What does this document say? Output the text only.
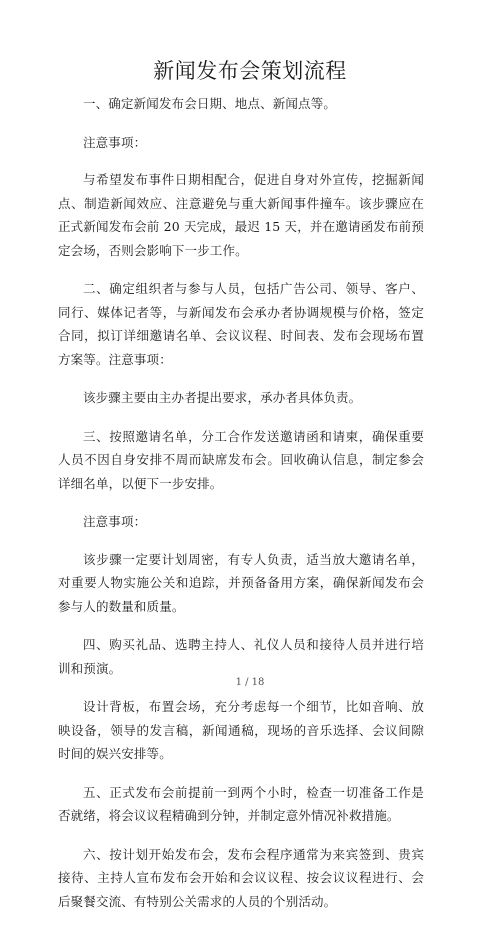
新闻发布会策划流程

一、确定新闻发布会日期、地点、新闻点等。

注意事项：

与希望发布事件日期相配合，促进自身对外宣传，挖掘新闻点、制造新闻效应、注意避免与重大新闻事件撞车。该步骤应在正式新闻发布会前 20 天完成，最迟 15 天，并在邀请函发布前预定会场，否则会影响下一步工作。

二、确定组织者与参与人员，包括广告公司、领导、客户、同行、媒体记者等，与新闻发布会承办者协调规模与价格，签定合同，拟订详细邀请名单、会议议程、时间表、发布会现场布置方案等。注意事项：

该步骤主要由主办者提出要求，承办者具体负责。

三、按照邀请名单，分工合作发送邀请函和请柬，确保重要人员不因自身安排不周而缺席发布会。回收确认信息，制定参会详细名单，以便下一步安排。

注意事项：

该步骤一定要计划周密，有专人负责，适当放大邀请名单，对重要人物实施公关和追踪，并预备备用方案，确保新闻发布会参与人的数量和质量。

四、购买礼品、选聘主持人、礼仪人员和接待人员并进行培训和预演。

设计背板，布置会场，充分考虑每一个细节，比如音响、放映设备，领导的发言稿，新闻通稿，现场的音乐选择、会议间隙时间的娱兴安排等。

五、正式发布会前提前一到两个小时，检查一切准备工作是否就绪，将会议议程精确到分钟，并制定意外情况补救措施。

六、按计划开始发布会，发布会程序通常为来宾签到、贵宾接待、主持人宣布发布会开始和会议议程、按会议议程进行、会后聚餐交流、有特别公关需求的人员的个别活动。

1 / 18
